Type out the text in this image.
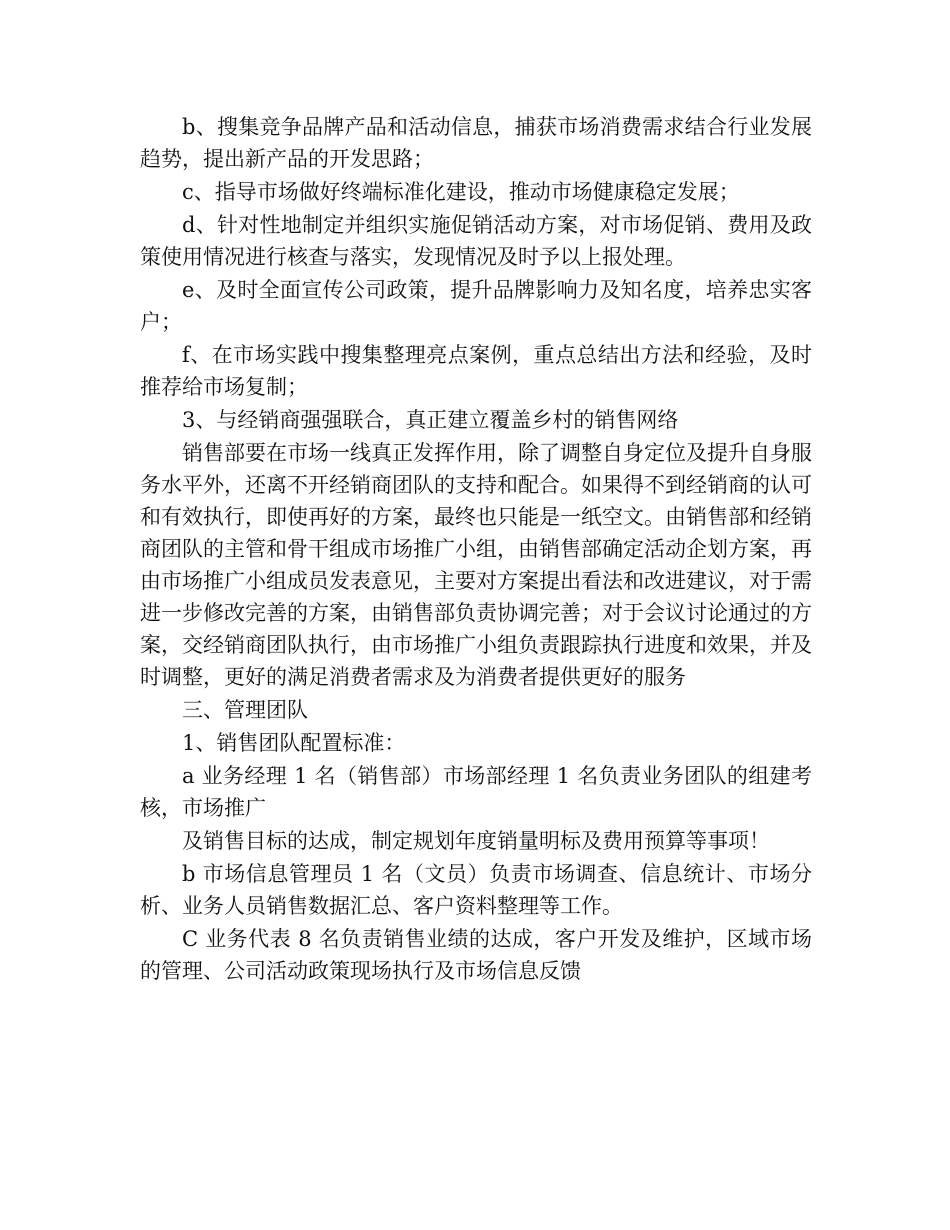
b、搜集竞争品牌产品和活动信息，捕获市场消费需求结合行业发展趋势，提出新产品的开发思路；

c、指导市场做好终端标准化建设，推动市场健康稳定发展；

d、针对性地制定并组织实施促销活动方案，对市场促销、费用及政策使用情况进行核查与落实，发现情况及时予以上报处理。

e、及时全面宣传公司政策，提升品牌影响力及知名度，培养忠实客户；

f、在市场实践中搜集整理亮点案例，重点总结出方法和经验，及时推荐给市场复制；

3、与经销商强强联合，真正建立覆盖乡村的销售网络

销售部要在市场一线真正发挥作用，除了调整自身定位及提升自身服务水平外，还离不开经销商团队的支持和配合。如果得不到经销商的认可和有效执行，即使再好的方案，最终也只能是一纸空文。由销售部和经销商团队的主管和骨干组成市场推广小组，由销售部确定活动企划方案，再由市场推广小组成员发表意见，主要对方案提出看法和改进建议，对于需进一步修改完善的方案，由销售部负责协调完善；对于会议讨论通过的方案，交经销商团队执行，由市场推广小组负责跟踪执行进度和效果，并及时调整，更好的满足消费者需求及为消费者提供更好的服务

三、管理团队

1、销售团队配置标准：

a 业务经理 1 名（销售部）市场部经理 1 名负责业务团队的组建考核，市场推广

及销售目标的达成，制定规划年度销量明标及费用预算等事项！

b 市场信息管理员 1 名（文员）负责市场调查、信息统计、市场分析、业务人员销售数据汇总、客户资料整理等工作。

C 业务代表 8 名负责销售业绩的达成，客户开发及维护，区域市场的管理、公司活动政策现场执行及市场信息反馈
